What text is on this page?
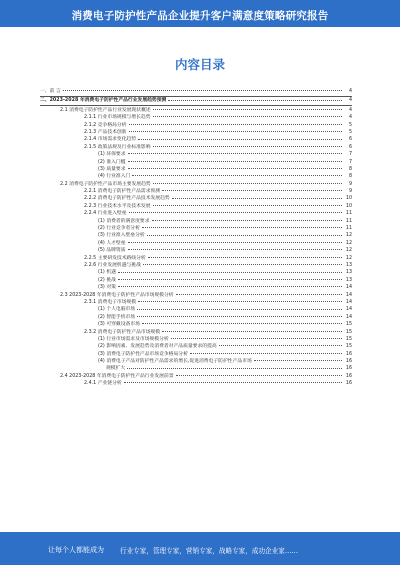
消费电子防护性产品企业提升客户满意度策略研究报告
内容目录
一、前 言	4
二、2023-2028 年消费电子防护性产品行业发展趋势预测	4
2.1 消费电子防护性产品行业发展现状概述	4
2.1.1 行业市场规模与增长趋势	4
2.1.2 竞争格局分析	5
2.1.3 产品技术创新	5
2.1.4 市场需求变化趋势	6
2.1.5 政策法规及行业标准影响	6
(1) 环保要求	7
(2) 准入门槛	7
(3) 质量要求	8
(4) 行业准入门	8
2.2 消费电子防护性产品市场主要发展趋势	9
2.2.1 消费电子防护性产品需求预测	9
2.2.2 消费电子防护性产品技术发展趋势	10
2.2.3 行业技术水平及技术发展	10
2.2.4 行业进入壁垒	11
(1) 消费者的满意度要求	11
(2) 行业竞争者分析	11
(3) 行业准入壁垒分析	12
(4) 人才壁垒	12
(5) 品牌资质	12
2.2.5 主要研发技术路线分析	12
2.2.6 行业发展机遇与挑战	13
(1) 机遇	13
(2) 挑战	13
(3) 对策	14
2.3 2023-2028 年消费电子防护性产品市场规模分析	14
2.3.1 消费电子市场规模	14
(1) 个人电脑市场	14
(2) 智能手机市场	14
(3) 可穿戴设备市场	15
2.3.2 消费电子防护性产品市场规模	15
(1) 行业市场需求及市场规模分析	15
(2) 影响因素、发展趋势及消费者对产品质量要求的提高	15
(3) 消费电子防护性产品市场竞争格局分析	16
(4) 消费电子产品对防护性产品需求的增长,促进消费电子防护性产品市场	16
规模扩大	16
2.4 2023-2028 年消费电子防护性产品行业发展前景	16
2.4.1 产业链分析	16
让每个人都能成为 行业专家，管理专家，营销专家，战略专家，成功企业家……
